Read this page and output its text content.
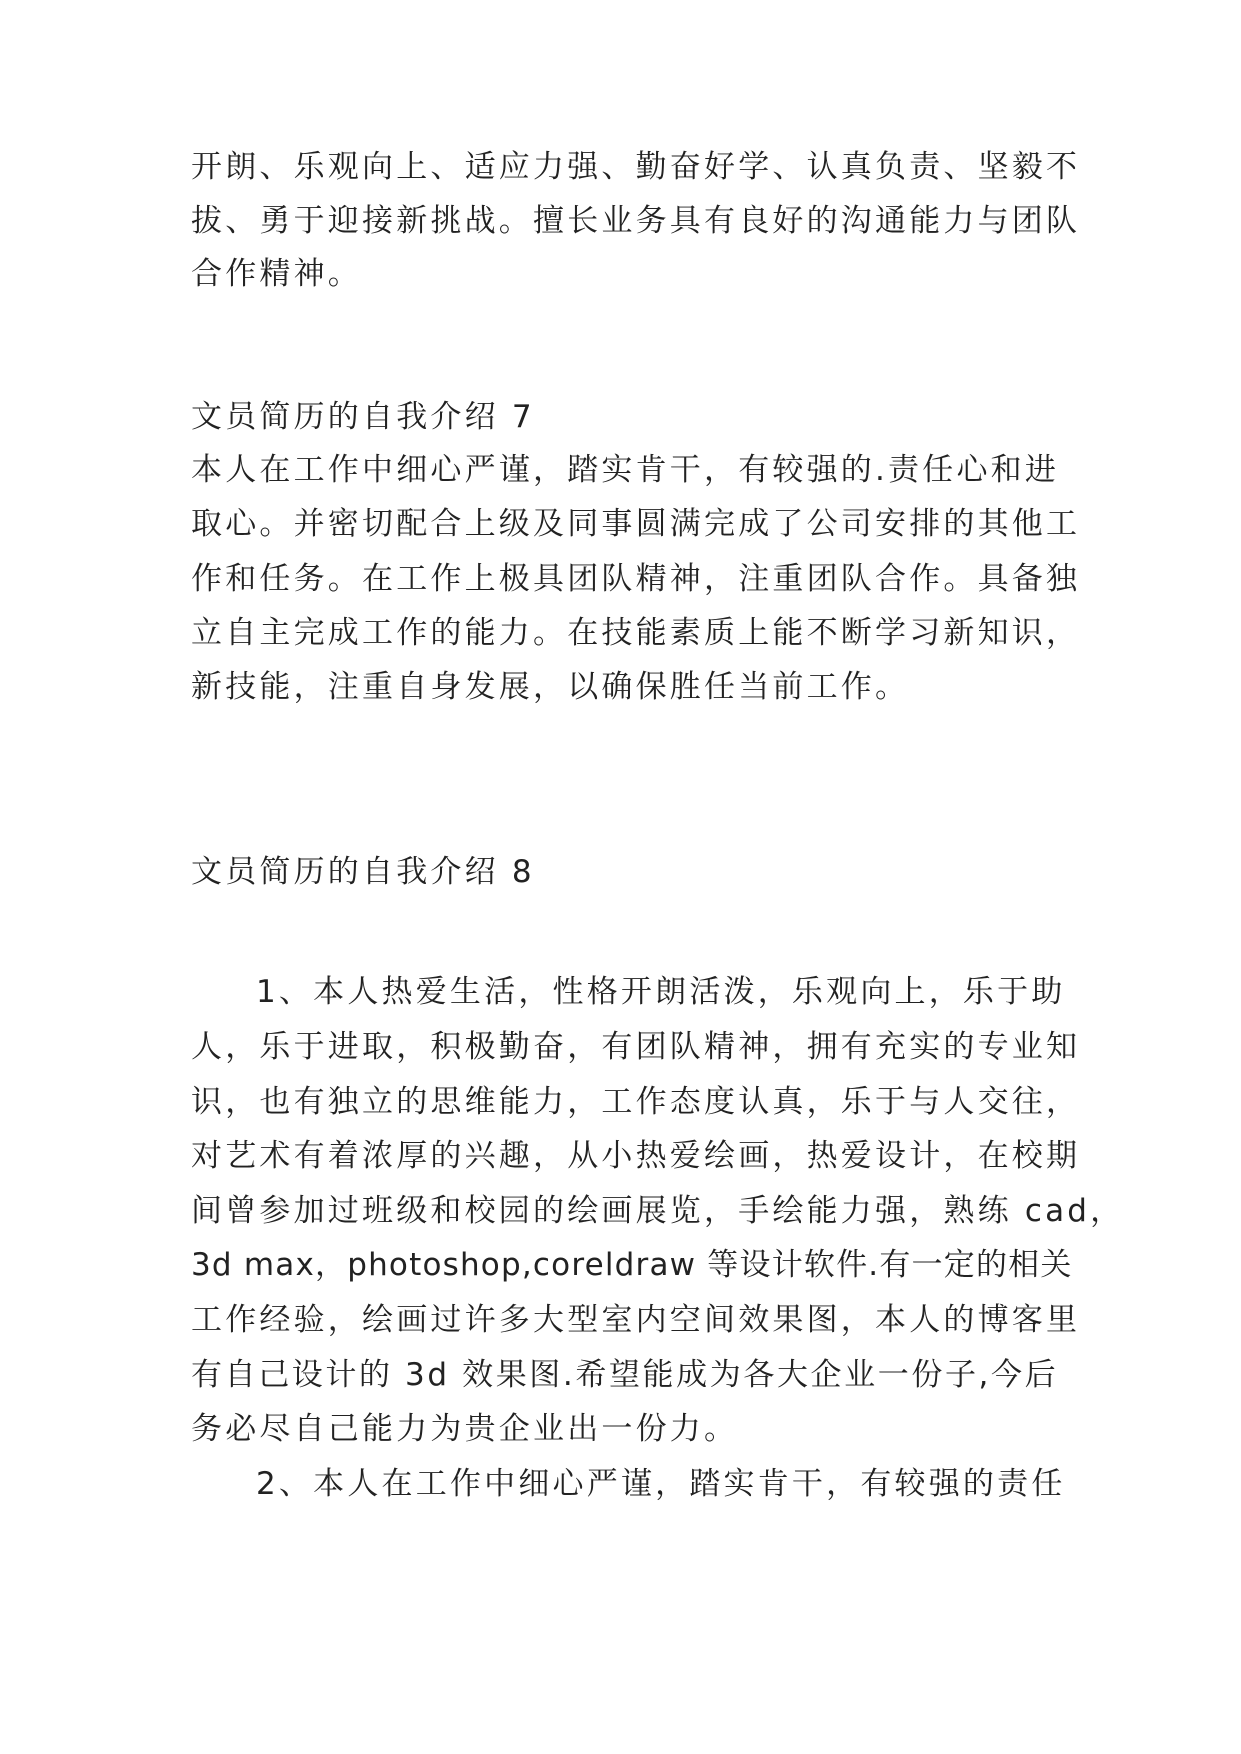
开朗、乐观向上、适应力强、勤奋好学、认真负责、坚毅不
拔、勇于迎接新挑战。擅长业务具有良好的沟通能力与团队
合作精神。
文员简历的自我介绍 7
本人在工作中细心严谨，踏实肯干，有较强的.责任心和进
取心。并密切配合上级及同事圆满完成了公司安排的其他工
作和任务。在工作上极具团队精神，注重团队合作。具备独
立自主完成工作的能力。在技能素质上能不断学习新知识，
新技能，注重自身发展，以确保胜任当前工作。
文员简历的自我介绍 8
1、本人热爱生活，性格开朗活泼，乐观向上，乐于助
人，乐于进取，积极勤奋，有团队精神，拥有充实的专业知
识，也有独立的思维能力，工作态度认真，乐于与人交往，
对艺术有着浓厚的兴趣，从小热爱绘画，热爱设计，在校期
间曾参加过班级和校园的绘画展览，手绘能力强，熟练 cad，
3d max，photoshop,coreldraw 等设计软件.有一定的相关
工作经验，绘画过许多大型室内空间效果图，本人的博客里
有自己设计的 3d 效果图.希望能成为各大企业一份子,今后
务必尽自己能力为贵企业出一份力。
2、本人在工作中细心严谨，踏实肯干，有较强的责任
